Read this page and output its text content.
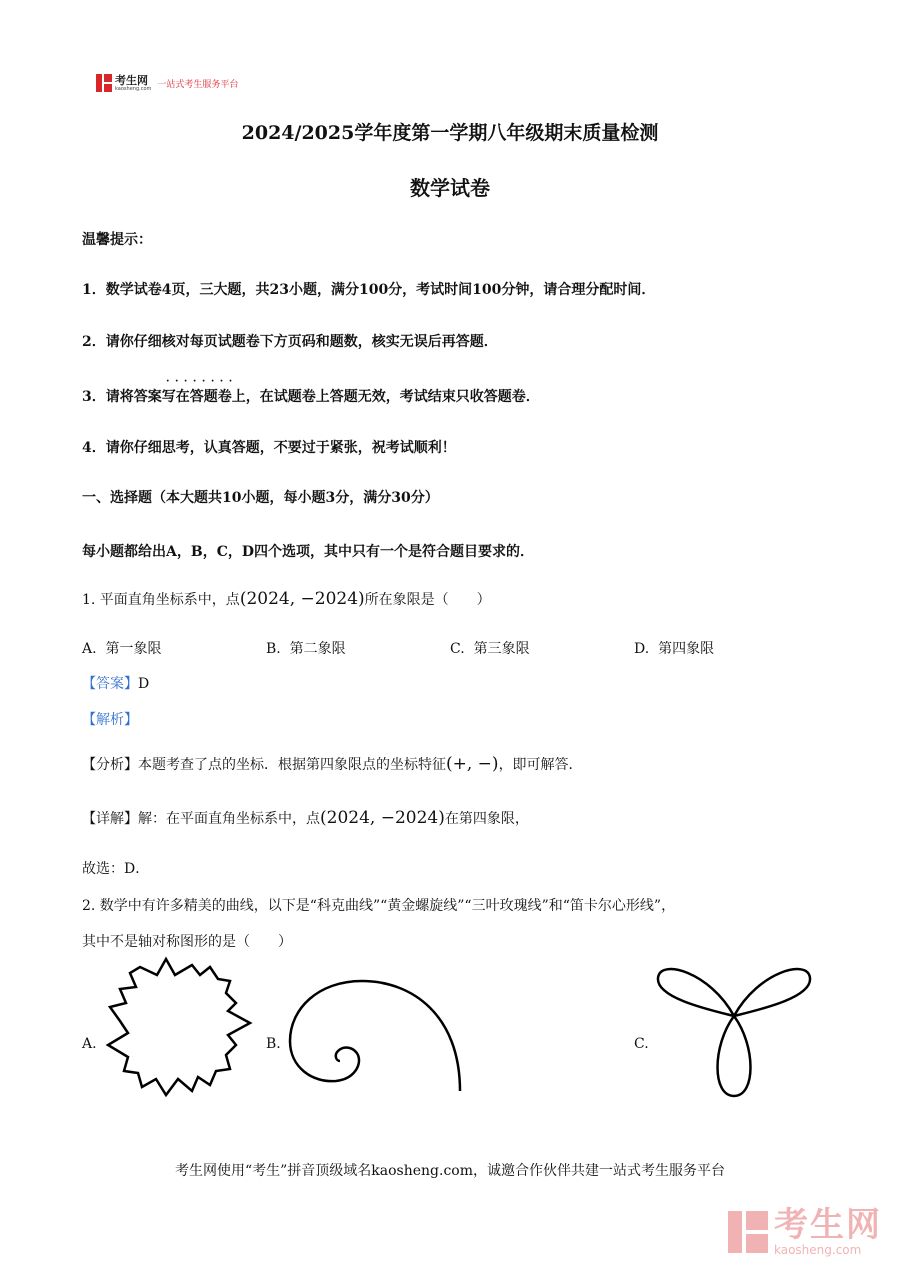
考生网
kaosheng.com 一站式考生服务平台
2024/2025学年度第一学期八年级期末质量检测
数学试卷
温馨提示：
1．数学试卷4页，三大题，共23小题，满分100分，考试时间100分钟，请合理分配时间．
2．请你仔细核对每页试题卷下方页码和题数，核实无误后再答题．
· · · 3．请将答案写在答题卷上，在试题卷上答题无效，考试结束只收答题卷．
4．请你仔细思考，认真答题，不要过于紧张，祝考试顺利！
一、选择题（本大题共10小题，每小题3分，满分30分）
每小题都给出A，B，C，D四个选项，其中只有一个是符合题目要求的．
1. 平面直角坐标系中，点(2024, −2024)所在象限是（　　）
A. 第一象限	B. 第二象限	C. 第三象限	D. 第四象限
【答案】D
【解析】
【分析】本题考查了点的坐标．根据第四象限点的坐标特征(+, −)，即可解答．
【详解】解：在平面直角坐标系中，点(2024, −2024)在第四象限，
故选：D．
2. 数学中有许多精美的曲线，以下是“科克曲线”“黄金螺旋线”“三叶玫瑰线”和“笛卡尔心形线”，
其中不是轴对称图形的是（　　）
A.	B.	C.
考生网使用“考生”拼音顶级域名kaosheng.com，诚邀合作伙伴共建一站式考生服务平台
考生网
kaosheng.com
